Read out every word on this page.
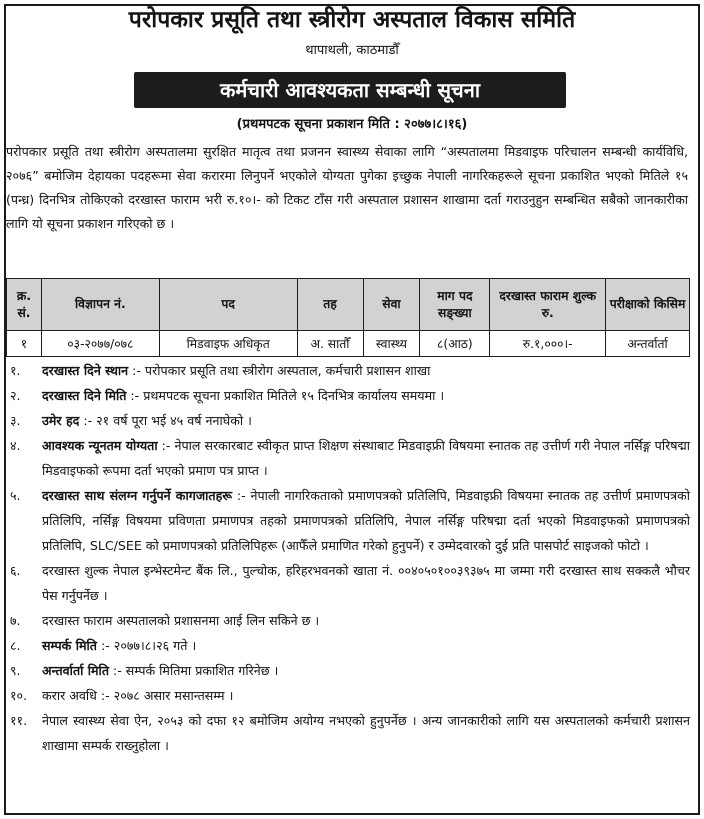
परोपकार प्रसूति तथा स्त्रीरोग अस्पताल विकास समिति
थापाथली, काठमाडौँ
कर्मचारी आवश्यकता सम्बन्धी सूचना
(प्रथमपटक सूचना प्रकाशन मिति : २०७७।८।१६)

परोपकार प्रसूति तथा स्त्रीरोग अस्पतालमा सुरक्षित मातृत्व तथा प्रजनन स्वास्थ्य सेवाका लागि “अस्पतालमा मिडवाइफ परिचालन सम्बन्धी कार्यविधि, २०७६” बमोजिम देहायका पदहरूमा सेवा करारमा लिनुपर्ने भएकोले योग्यता पुगेका इच्छुक नेपाली नागरिकहरूले सूचना प्रकाशित भएको मितिले १५ (पन्ध्र) दिनभित्र तोकिएको दरखास्त फाराम भरी रु.१०।- को टिकट टाँस गरी अस्पताल प्रशासन शाखामा दर्ता गराउनुहुन सम्बन्धित सबैको जानकारीका लागि यो सूचना प्रकाशन गरिएको छ ।

क्र. सं.	विज्ञापन नं.	पद	तह	सेवा	माग पद सङ्ख्या	दरखास्त फाराम शुल्क रु.	परीक्षाको किसिम
१	०३-२०७७/०७८	मिडवाइफ अधिकृत	अ. सातौँ	स्वास्थ्य	८(आठ)	रु.१,०००।-	अन्तर्वार्ता
१.	दरखास्त दिने स्थान :- परोपकार प्रसूति तथा स्त्रीरोग अस्पताल, कर्मचारी प्रशासन शाखा
२.	दरखास्त दिने मिति :- प्रथमपटक सूचना प्रकाशित मितिले १५ दिनभित्र कार्यालय समयमा ।
३.	उमेर हद :- २१ वर्ष पूरा भई ४५ वर्ष ननाघेको ।
४.	आवश्यक न्यूनतम योग्यता :- नेपाल सरकारबाट स्वीकृत प्राप्त शिक्षण संस्थाबाट मिडवाइफ्री विषयमा स्नातक तह उत्तीर्ण गरी नेपाल नर्सिङ्ग परिषद्मा मिडवाइफको रूपमा दर्ता भएको प्रमाण पत्र प्राप्त ।
५.	दरखास्त साथ संलग्न गर्नुपर्ने कागजातहरू :- नेपाली नागरिकताको प्रमाणपत्रको प्रतिलिपि, मिडवाइफ्री विषयमा स्नातक तह उत्तीर्ण प्रमाणपत्रको प्रतिलिपि, नर्सिङ्ग विषयमा प्रविणता प्रमाणपत्र तहको प्रमाणपत्रको प्रतिलिपि, नेपाल नर्सिङ्ग परिषद्मा दर्ता भएको मिडवाइफको प्रमाणपत्रको प्रतिलिपि, SLC/SEE को प्रमाणपत्रको प्रतिलिपिहरू (आफैँले प्रमाणित गरेको हुनुपर्ने) र उम्मेदवारको दुई प्रति पासपोर्ट साइजको फोटो ।
६.	दरखास्त शुल्क नेपाल इन्भेस्टमेन्ट बैंक लि., पुल्चोक, हरिहरभवनको खाता नं. ००४०५०१००३९३७५ मा जम्मा गरी दरखास्त साथ सक्कलै भौचर पेस गर्नुपर्नेछ ।
७.	दरखास्त फाराम अस्पतालको प्रशासनमा आई लिन सकिने छ ।
८.	सम्पर्क मिति :- २०७७।८।२६ गते ।
९.	अन्तर्वार्ता मिति :- सम्पर्क मितिमा प्रकाशित गरिनेछ ।
१०.	करार अवधि :- २०७८ असार मसान्तसम्म ।
११.	नेपाल स्वास्थ्य सेवा ऐन, २०५३ को दफा १२ बमोजिम अयोग्य नभएको हुनुपर्नेछ । अन्य जानकारीको लागि यस अस्पतालको कर्मचारी प्रशासन शाखामा सम्पर्क राख्नुहोला ।
